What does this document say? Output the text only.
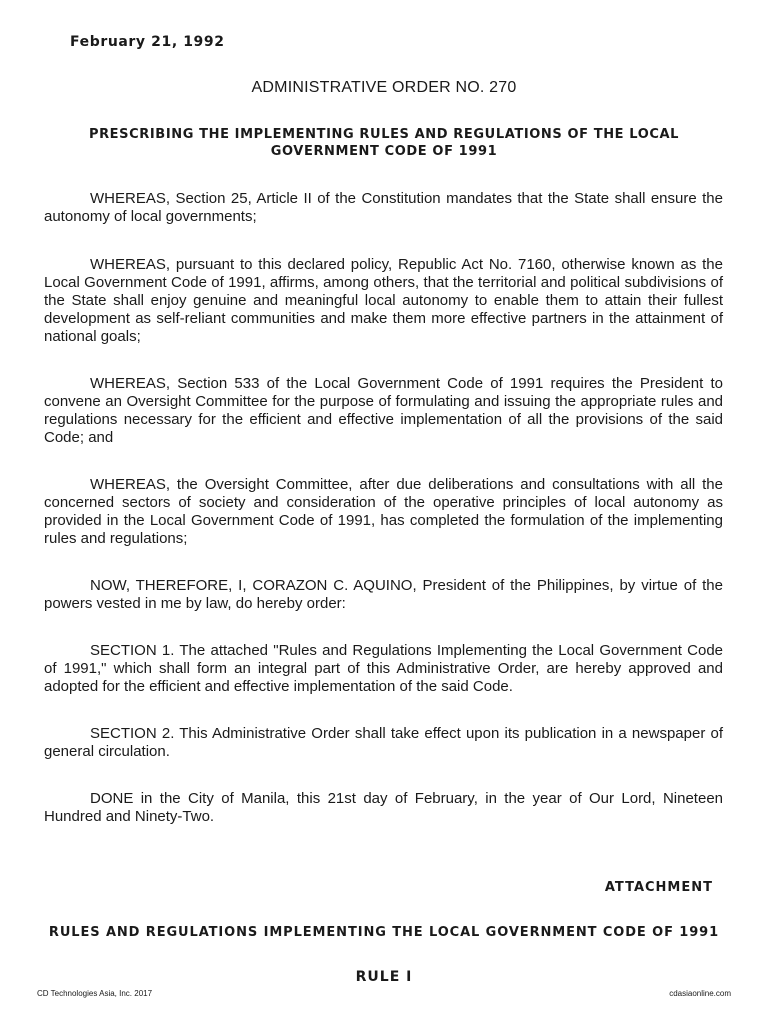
February 21, 1992
ADMINISTRATIVE ORDER NO. 270
PRESCRIBING THE IMPLEMENTING RULES AND REGULATIONS OF THE LOCAL
GOVERNMENT CODE OF 1991

WHEREAS, Section 25, Article II of the Constitution mandates that the State shall ensure the autonomy of local governments;

WHEREAS, pursuant to this declared policy, Republic Act No. 7160, otherwise known as the Local Government Code of 1991, affirms, among others, that the territorial and political subdivisions of the State shall enjoy genuine and meaningful local autonomy to enable them to attain their fullest development as self-reliant communities and make them more effective partners in the attainment of national goals;

WHEREAS, Section 533 of the Local Government Code of 1991 requires the President to convene an Oversight Committee for the purpose of formulating and issuing the appropriate rules and regulations necessary for the efficient and effective implementation of all the provisions of the said Code; and

WHEREAS, the Oversight Committee, after due deliberations and consultations with all the concerned sectors of society and consideration of the operative principles of local autonomy as provided in the Local Government Code of 1991, has completed the formulation of the implementing rules and regulations;

NOW, THEREFORE, I, CORAZON C. AQUINO, President of the Philippines, by virtue of the powers vested in me by law, do hereby order:

SECTION 1. The attached "Rules and Regulations Implementing the Local Government Code of 1991," which shall form an integral part of this Administrative Order, are hereby approved and adopted for the efficient and effective implementation of the said Code.

SECTION 2. This Administrative Order shall take effect upon its publication in a newspaper of general circulation.

DONE in the City of Manila, this 21st day of February, in the year of Our Lord, Nineteen Hundred and Ninety-Two.

ATTACHMENT
RULES AND REGULATIONS IMPLEMENTING THE LOCAL GOVERNMENT CODE OF 1991
RULE I
CD Technologies Asia, Inc. 2017	cdasiaonline.com
